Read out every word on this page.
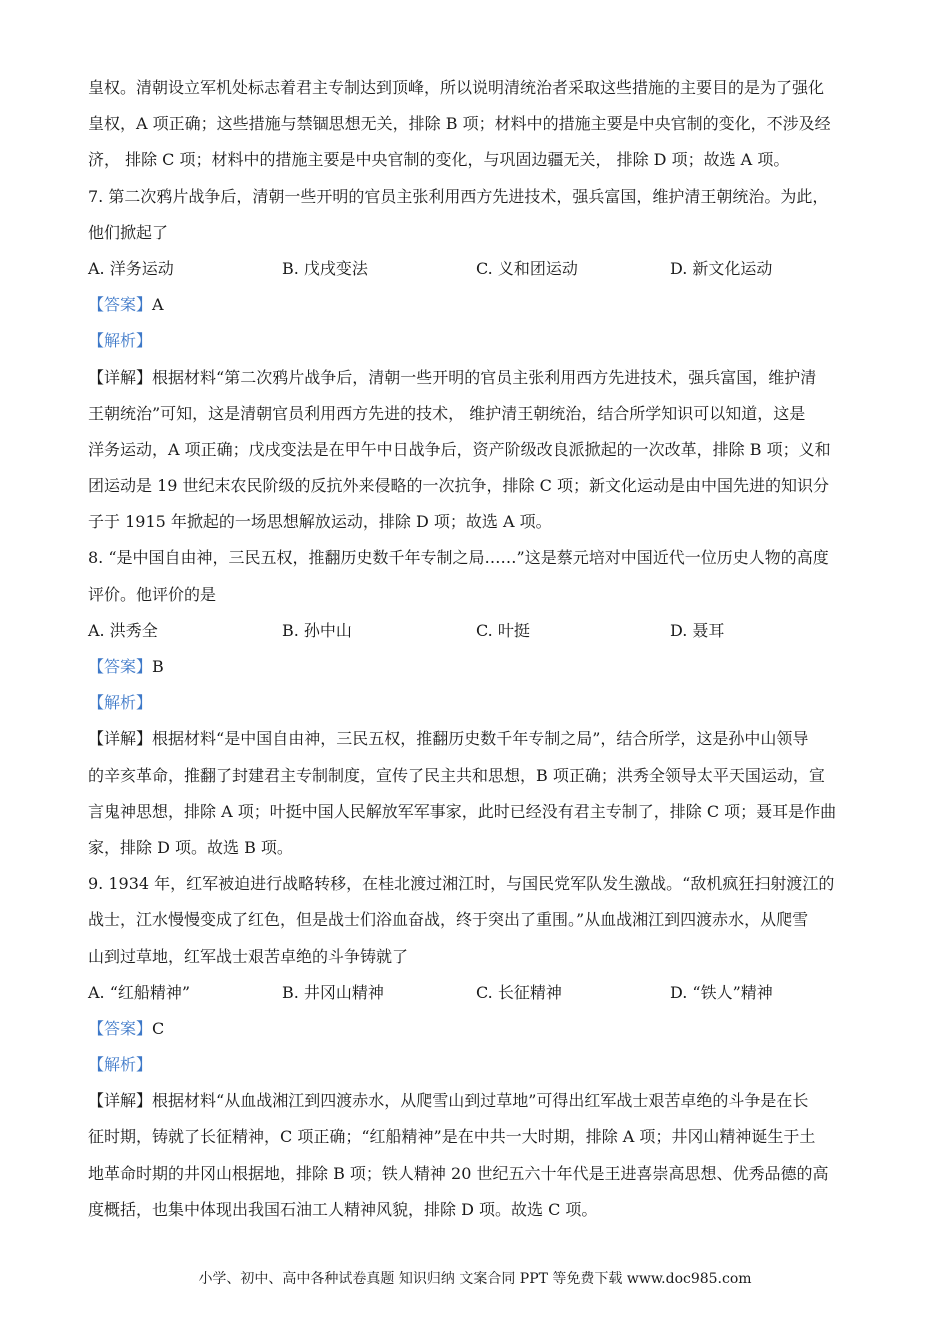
皇权。清朝设立军机处标志着君主专制达到顶峰，所以说明清统治者采取这些措施的主要目的是为了强化
皇权，A 项正确；这些措施与禁锢思想无关，排除 B 项；材料中的措施主要是中央官制的变化，不涉及经
济， 排除 C 项；材料中的措施主要是中央官制的变化，与巩固边疆无关， 排除 D 项；故选 A 项。
7. 第二次鸦片战争后，清朝一些开明的官员主张利用西方先进技术，强兵富国，维护清王朝统治。为此，
他们掀起了
A. 洋务运动	B. 戊戌变法	C. 义和团运动	D. 新文化运动
【答案】A
【解析】
【详解】根据材料“第二次鸦片战争后，清朝一些开明的官员主张利用西方先进技术，强兵富国，维护清
王朝统治”可知，这是清朝官员利用西方先进的技术， 维护清王朝统治，结合所学知识可以知道，这是
洋务运动，A 项正确；戊戌变法是在甲午中日战争后，资产阶级改良派掀起的一次改革，排除 B 项；义和
团运动是 19 世纪末农民阶级的反抗外来侵略的一次抗争，排除 C 项；新文化运动是由中国先进的知识分
子于 1915 年掀起的一场思想解放运动，排除 D 项；故选 A 项。
8. “是中国自由神，三民五权，推翻历史数千年专制之局……”这是蔡元培对中国近代一位历史人物的高度
评价。他评价的是
A. 洪秀全	B. 孙中山	C. 叶挺	D. 聂耳
【答案】B
【解析】
【详解】根据材料“是中国自由神，三民五权，推翻历史数千年专制之局”，结合所学，这是孙中山领导
的辛亥革命，推翻了封建君主专制制度，宣传了民主共和思想，B 项正确；洪秀全领导太平天国运动，宣
言鬼神思想，排除 A 项；叶挺中国人民解放军军事家，此时已经没有君主专制了，排除 C 项；聂耳是作曲
家，排除 D 项。故选 B 项。
9. 1934 年，红军被迫进行战略转移，在桂北渡过湘江时，与国民党军队发生激战。“敌机疯狂扫射渡江的
战士，江水慢慢变成了红色，但是战士们浴血奋战，终于突出了重围。”从血战湘江到四渡赤水，从爬雪
山到过草地，红军战士艰苦卓绝的斗争铸就了
A. “红船精神”	B. 井冈山精神	C. 长征精神	D. “铁人”精神
【答案】C
【解析】
【详解】根据材料“从血战湘江到四渡赤水，从爬雪山到过草地”可得出红军战士艰苦卓绝的斗争是在长
征时期，铸就了长征精神，C 项正确；“红船精神”是在中共一大时期，排除 A 项；井冈山精神诞生于土
地革命时期的井冈山根据地，排除 B 项；铁人精神 20 世纪五六十年代是王进喜崇高思想、优秀品德的高
度概括，也集中体现出我国石油工人精神风貌，排除 D 项。故选 C 项。
小学、初中、高中各种试卷真题 知识归纳 文案合同 PPT 等免费下载 www.doc985.com
